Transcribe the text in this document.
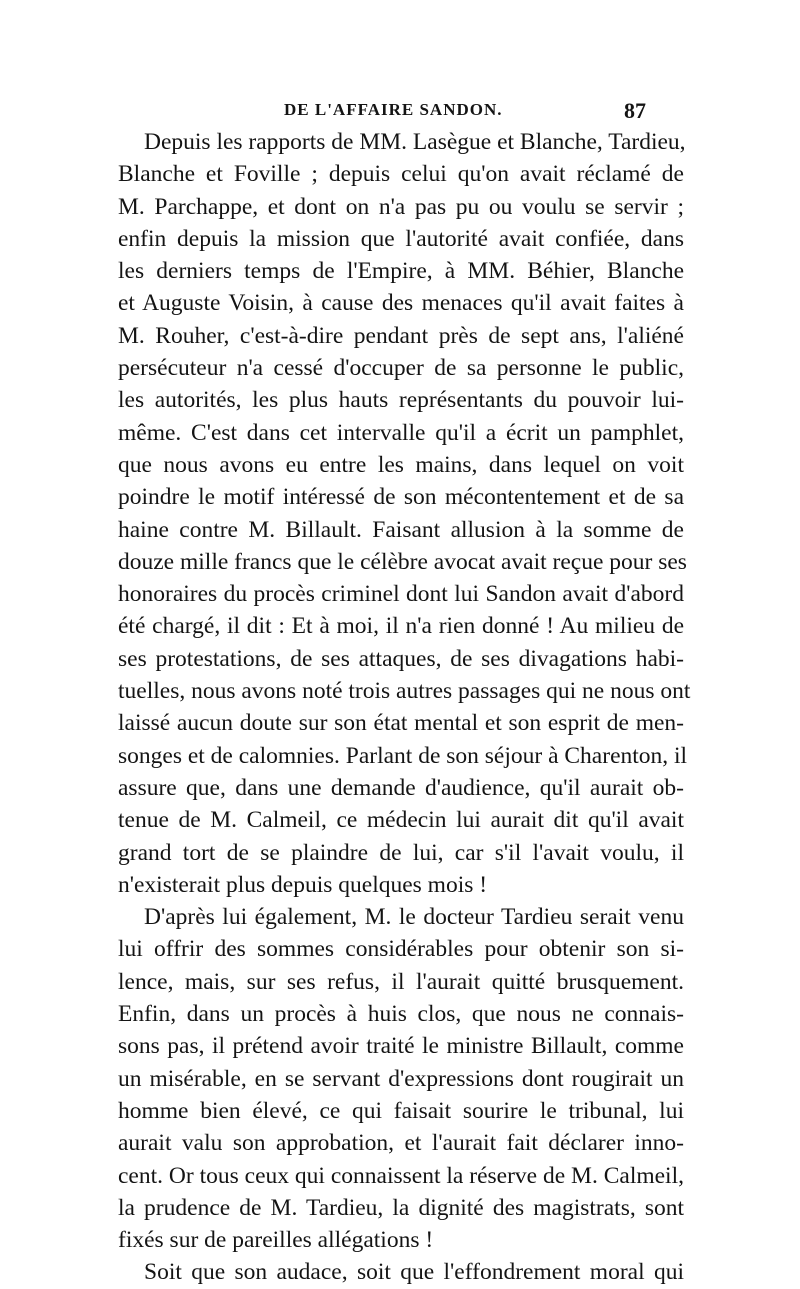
DE L'AFFAIRE SANDON.	87
Depuis les rapports de MM. Lasègue et Blanche, Tardieu,
Blanche et Foville ; depuis celui qu'on avait réclamé de
M. Parchappe, et dont on n'a pas pu ou voulu se servir ;
enfin depuis la mission que l'autorité avait confiée, dans
les derniers temps de l'Empire, à MM. Béhier, Blanche
et Auguste Voisin, à cause des menaces qu'il avait faites à
M. Rouher, c'est-à-dire pendant près de sept ans, l'aliéné
persécuteur n'a cessé d'occuper de sa personne le public,
les autorités, les plus hauts représentants du pouvoir lui-
même. C'est dans cet intervalle qu'il a écrit un pamphlet,
que nous avons eu entre les mains, dans lequel on voit
poindre le motif intéressé de son mécontentement et de sa
haine contre M. Billault. Faisant allusion à la somme de
douze mille francs que le célèbre avocat avait reçue pour ses
honoraires du procès criminel dont lui Sandon avait d'abord
été chargé, il dit : Et à moi, il n'a rien donné ! Au milieu de
ses protestations, de ses attaques, de ses divagations habi-
tuelles, nous avons noté trois autres passages qui ne nous ont
laissé aucun doute sur son état mental et son esprit de men-
songes et de calomnies. Parlant de son séjour à Charenton, il
assure que, dans une demande d'audience, qu'il aurait ob-
tenue de M. Calmeil, ce médecin lui aurait dit qu'il avait
grand tort de se plaindre de lui, car s'il l'avait voulu, il
n'existerait plus depuis quelques mois !
D'après lui également, M. le docteur Tardieu serait venu
lui offrir des sommes considérables pour obtenir son si-
lence, mais, sur ses refus, il l'aurait quitté brusquement.
Enfin, dans un procès à huis clos, que nous ne connais-
sons pas, il prétend avoir traité le ministre Billault, comme
un misérable, en se servant d'expressions dont rougirait un
homme bien élevé, ce qui faisait sourire le tribunal, lui
aurait valu son approbation, et l'aurait fait déclarer inno-
cent. Or tous ceux qui connaissent la réserve de M. Calmeil,
la prudence de M. Tardieu, la dignité des magistrats, sont
fixés sur de pareilles allégations !
Soit que son audace, soit que l'effondrement moral qui
